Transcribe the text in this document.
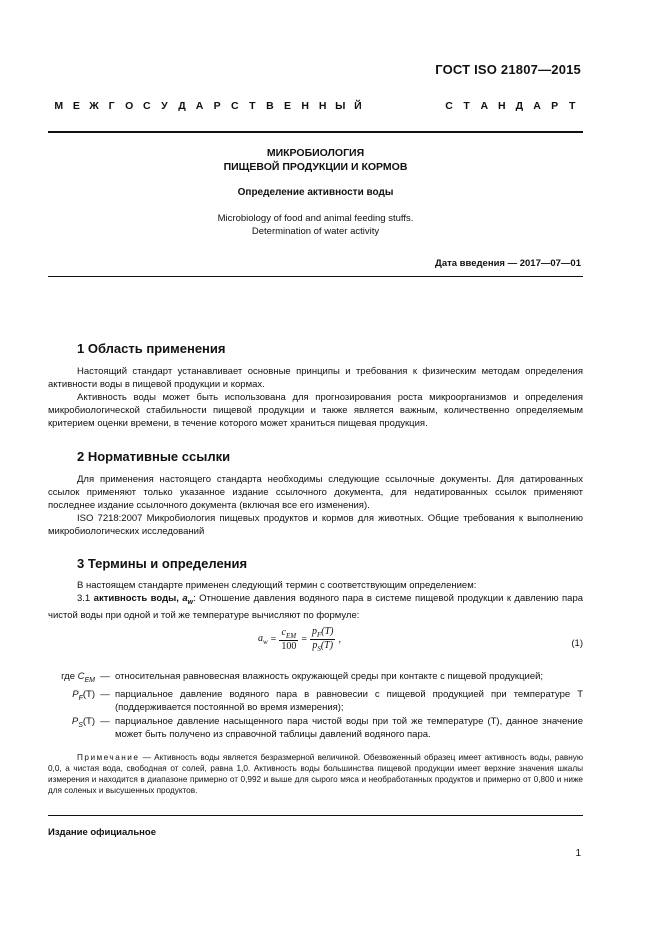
ГОСТ ISO 21807—2015
М Е Ж Г	О С	У	Д А Р С	Т	В Е Н Н Ы Й	С	Т	А Н Д А Р	Т
МИКРОБИОЛОГИЯ
ПИЩЕВОЙ ПРОДУКЦИИ И КОРМОВ
Определение активности воды
Microbiology of food and animal feeding stuffs.
Determination of water activity
Дата введения — 2017—07—01
1 Область применения
Настоящий стандарт устанавливает основные принципы и требования к физическим методам определения активности воды в пищевой продукции и кормах.
Активность воды может быть использована для прогнозирования роста микроорганизмов и определения микробиологической стабильности пищевой продукции и также является важным, количественно определяемым критерием оценки времени, в течение которого может храниться пищевая продукция.
2 Нормативные ссылки
Для применения настоящего стандарта необходимы следующие ссылочные документы. Для датированных ссылок применяют только указанное издание ссылочного документа, для недатированных ссылок применяют последнее издание ссылочного документа (включая все его изменения).
ISO 7218:2007 Микробиология пищевых продуктов и кормов для животных. Общие требования к выполнению микробиологических исследований
3 Термины и определения
В настоящем стандарте применен следующий термин с соответствующим определением:
3.1 активность воды, $a_w$: Отношение давления водяного пара в системе пищевой продукции к давлению пара чистой воды при одной и той же температуре вычисляют по формуле:
$a_w = \frac{c_{EM}}{100} = \frac{p_F(T)}{p_S(T)}$ ,	(1)
где $C_{EM}$ — относительная равновесная влажность окружающей среды при контакте с пищевой продукцией;
$P_F(T)$ — парциальное давление водяного пара в равновесии с пищевой продукцией при температуре T (поддерживается постоянной во время измерения);
$P_S(T)$ — парциальное давление насыщенного пара чистой воды при той же температуре (T), данное значение может быть получено из справочной таблицы давлений водяного пара.
Примечание — Активность воды является безразмерной величиной. Обезвоженный образец имеет активность воды, равную 0,0, а чистая вода, свободная от солей, равна 1,0. Активность воды большинства пищевой продукции имеет верхние значения шкалы измерения и находится в диапазоне примерно от 0,992 и выше для сырого мяса и необработанных продуктов и примерно от 0,800 и ниже для соленых и высушенных продуктов.
Издание официальное
1
